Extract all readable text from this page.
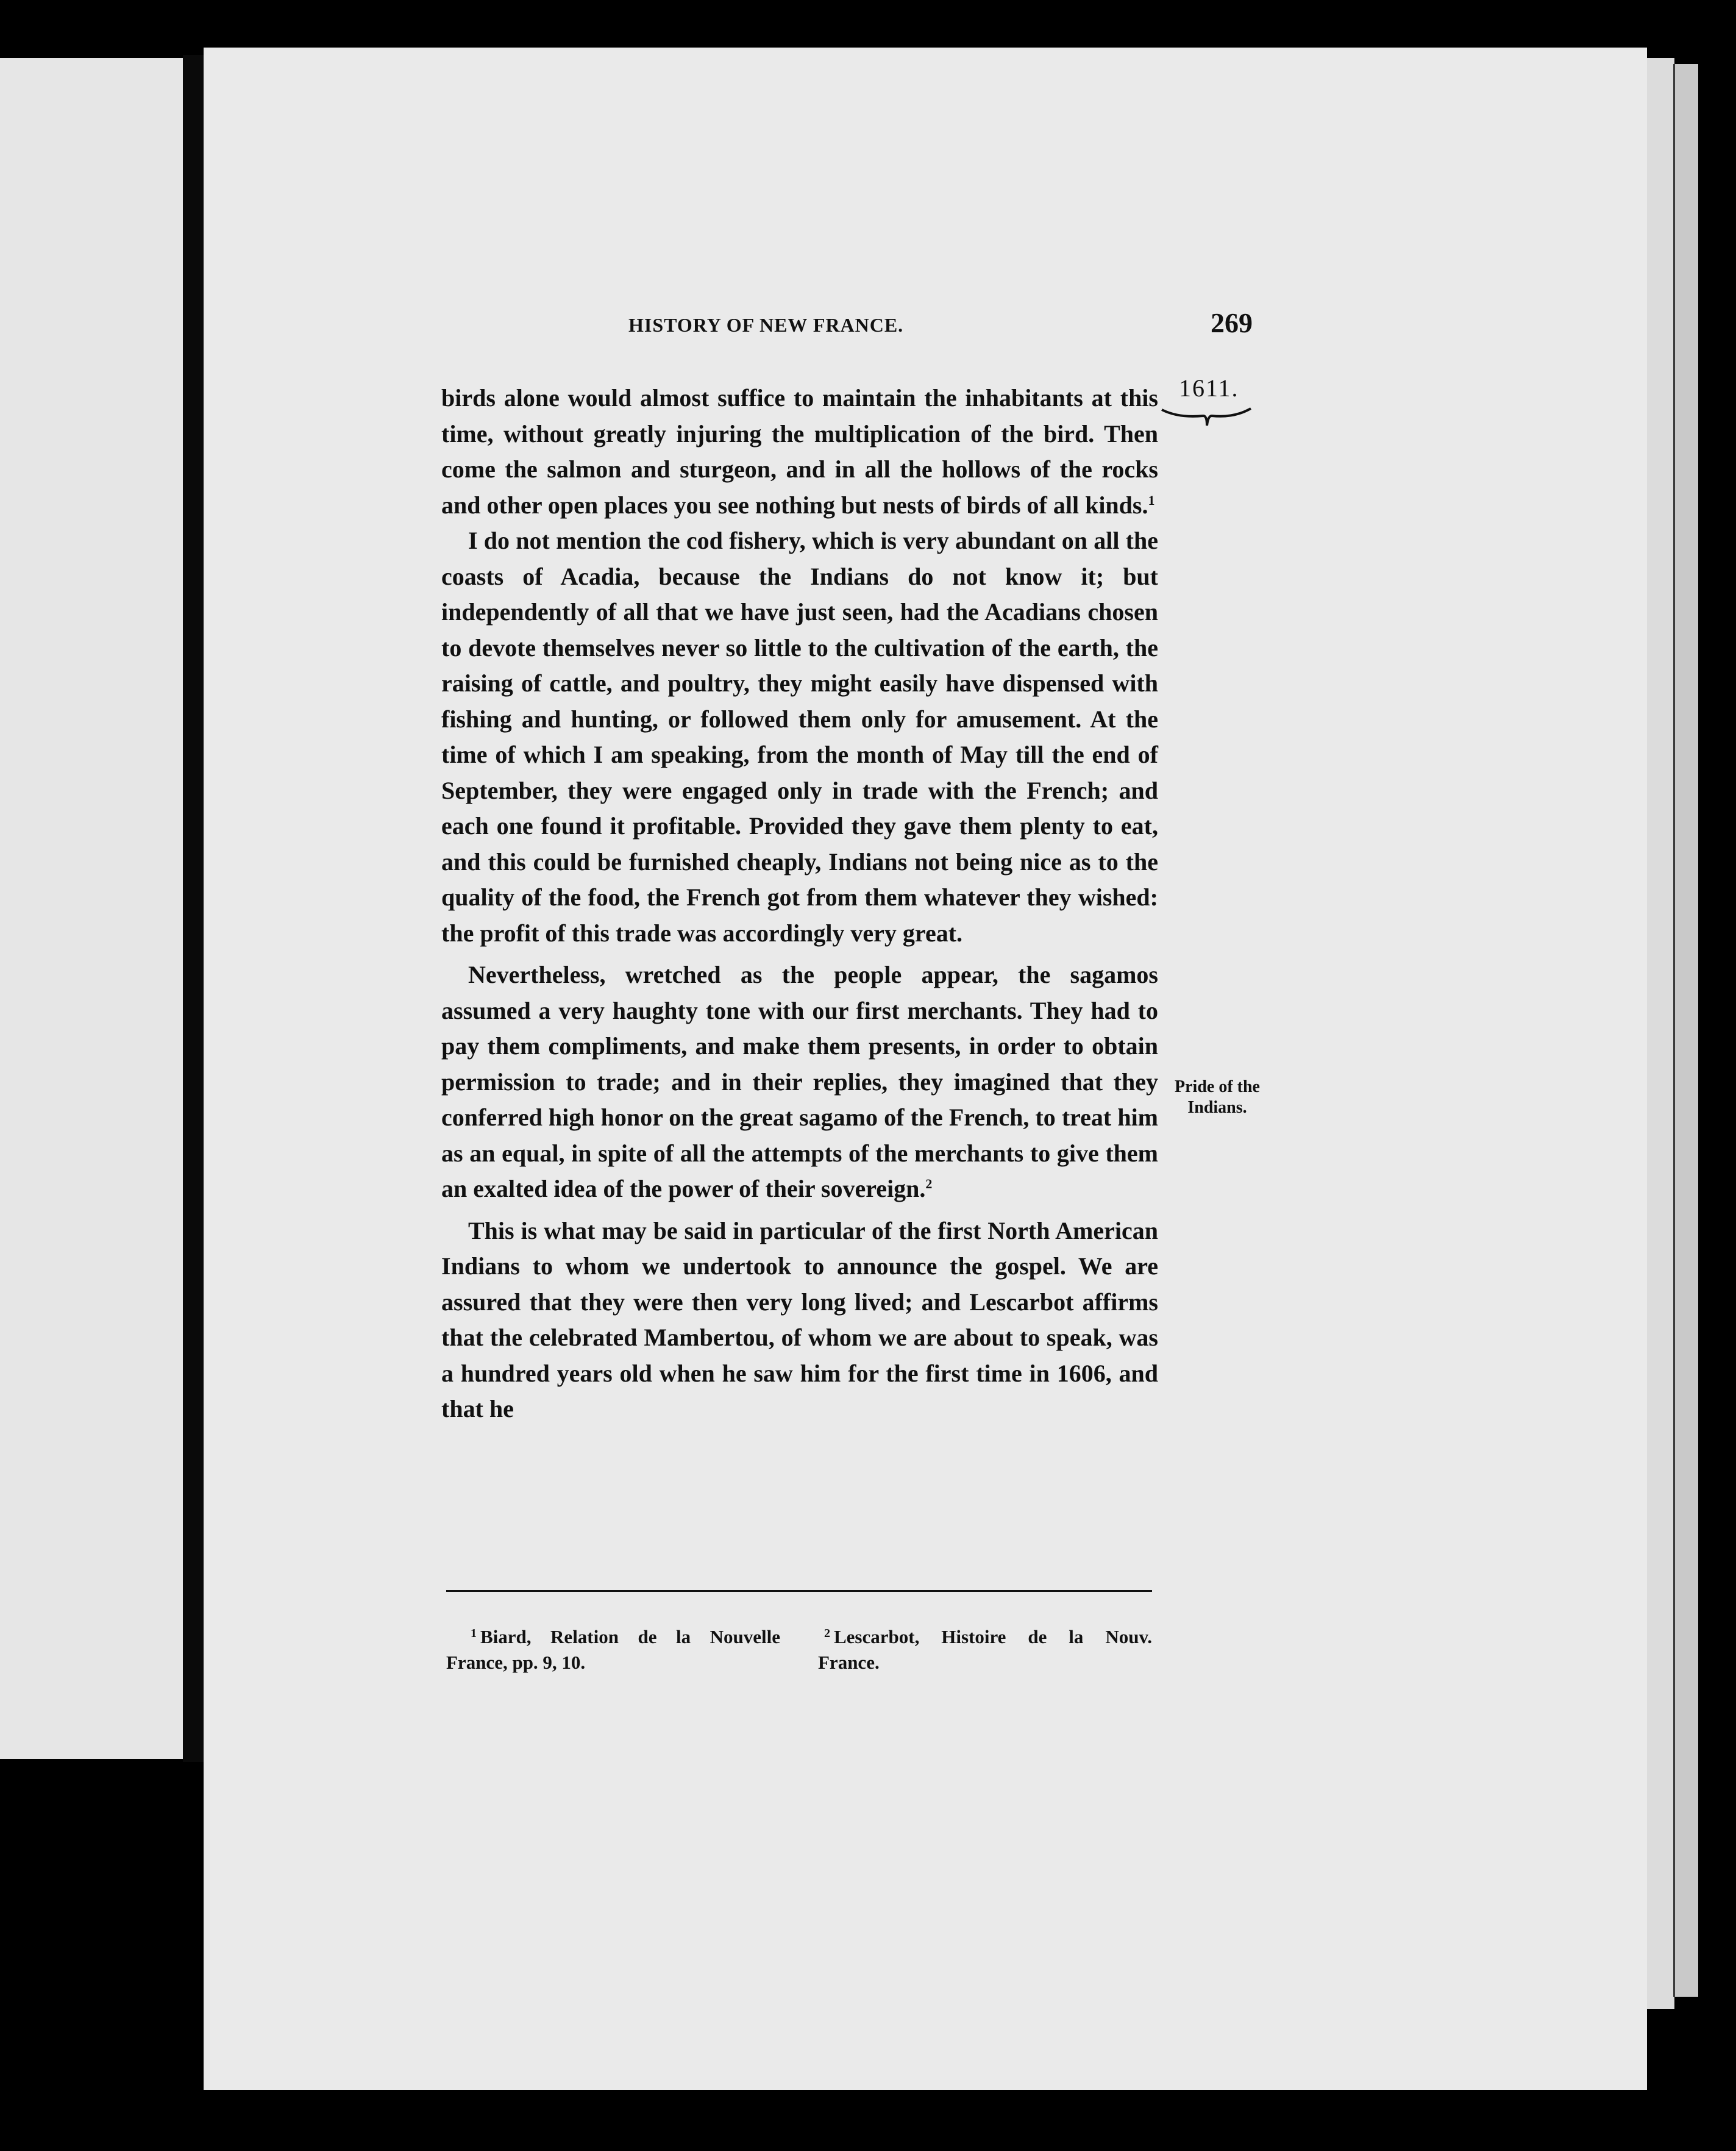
HISTORY OF NEW FRANCE.	269
1611.
Pride of the
Indians.

birds alone would almost suffice to maintain the inhabitants at this time, without greatly injuring the multiplication of the bird. Then come the salmon and sturgeon, and in all the hollows of the rocks and other open places you see nothing but nests of birds of all kinds.$^1$

I do not mention the cod fishery, which is very abundant on all the coasts of Acadia, because the Indians do not know it; but independently of all that we have just seen, had the Acadians chosen to devote themselves never so little to the cultivation of the earth, the raising of cattle, and poultry, they might easily have dispensed with fishing and hunting, or followed them only for amusement. At the time of which I am speaking, from the month of May till the end of September, they were engaged only in trade with the French; and each one found it profitable. Provided they gave them plenty to eat, and this could be furnished cheaply, Indians not being nice as to the quality of the food, the French got from them whatever they wished: the profit of this trade was accordingly very great.

Nevertheless, wretched as the people appear, the sagamos assumed a very haughty tone with our first merchants. They had to pay them compliments, and make them presents, in order to obtain permission to trade; and in their replies, they imagined that they conferred high honor on the great sagamo of the French, to treat him as an equal, in spite of all the attempts of the merchants to give them an exalted idea of the power of their sovereign.$^2$

This is what may be said in particular of the first North American Indians to whom we undertook to announce the gospel. We are assured that they were then very long lived; and Lescarbot affirms that the celebrated Mambertou, of whom we are about to speak, was a hundred years old when he saw him for the first time in 1606, and that he

$^1$ Biard, Relation de la Nouvelle
France, pp. 9, 10.
$^2$ Lescarbot, Histoire de la Nouv.
France.
